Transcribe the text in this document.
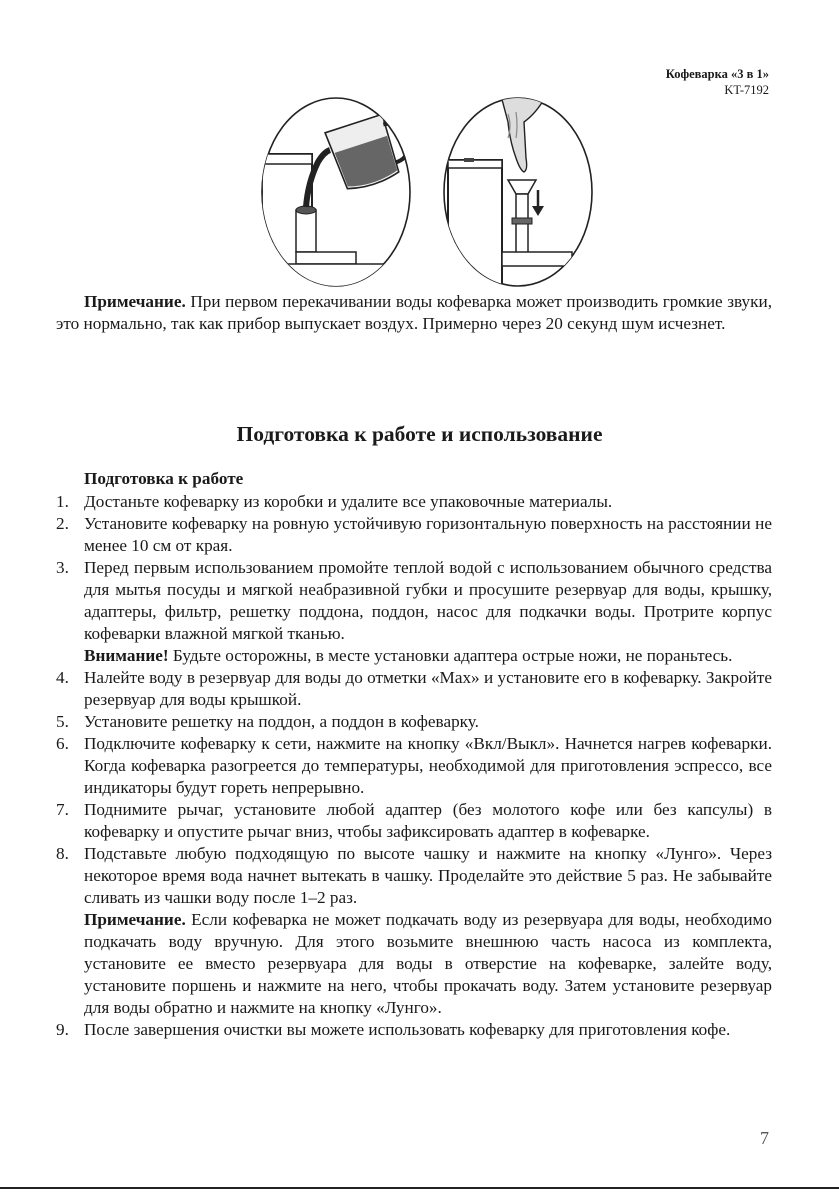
Кофеварка «3 в 1»
KT-7192
Примечание. При первом перекачивании воды кофеварка может производить громкие звуки, это нормально, так как прибор выпускает воздух. Примерно через 20 секунд шум исчезнет.
Подготовка к работе и использование
Подготовка к работе
1. Достаньте кофеварку из коробки и удалите все упаковочные материалы.
2. Установите кофеварку на ровную устойчивую горизонтальную поверхность на расстоянии не менее 10 см от края.
3. Перед первым использованием промойте теплой водой с использованием обычного средства для мытья посуды и мягкой неабразивной губки и просушите резервуар для воды, крышку, адаптеры, фильтр, решетку поддона, поддон, насос для подкачки воды. Протрите корпус кофеварки влажной мягкой тканью.
Внимание! Будьте осторожны, в месте установки адаптера острые ножи, не пораньтесь.
4. Налейте воду в резервуар для воды до отметки «Max» и установите его в кофеварку. Закройте резервуар для воды крышкой.
5. Установите решетку на поддон, а поддон в кофеварку.
6. Подключите кофеварку к сети, нажмите на кнопку «Вкл/Выкл». Начнется нагрев кофеварки. Когда кофеварка разогреется до температуры, необходимой для приготовления эспрессо, все индикаторы будут гореть непрерывно.
7. Поднимите рычаг, установите любой адаптер (без молотого кофе или без капсулы) в кофеварку и опустите рычаг вниз, чтобы зафиксировать адаптер в кофеварке.
8. Подставьте любую подходящую по высоте чашку и нажмите на кнопку «Лунго». Через некоторое время вода начнет вытекать в чашку. Проделайте это действие 5 раз. Не забывайте сливать из чашки воду после 1–2 раз.
Примечание. Если кофеварка не может подкачать воду из резервуара для воды, необходимо подкачать воду вручную. Для этого возьмите внешнюю часть насоса из комплекта, установите ее вместо резервуара для воды в отверстие на кофеварке, залейте воду, установите поршень и нажмите на него, чтобы прокачать воду. Затем установите резервуар для воды обратно и нажмите на кнопку «Лунго».
9. После завершения очистки вы можете использовать кофеварку для приготовления кофе.
7
